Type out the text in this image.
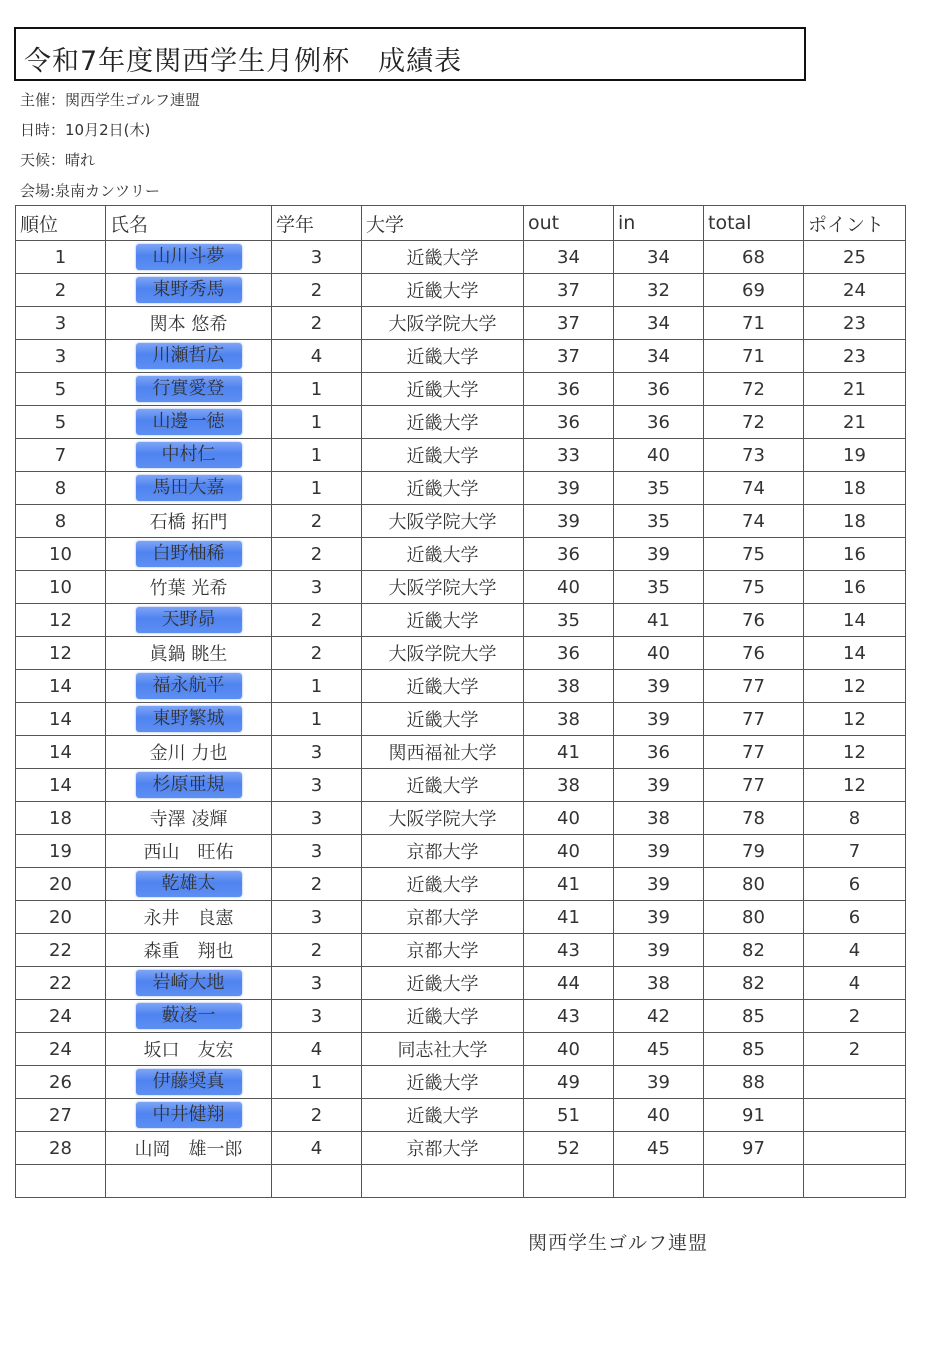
令和7年度関西学生月例杯　成績表
主催：関西学生ゴルフ連盟
日時：10月2日(木)
天候：晴れ
会場:泉南カンツリー
順位	氏名	学年	大学	out	in	total	ポイント
1	山川斗夢	3	近畿大学	34	34	68	25
2	東野秀馬	2	近畿大学	37	32	69	24
3	関本 悠希	2	大阪学院大学	37	34	71	23
3	川瀬哲広	4	近畿大学	37	34	71	23
5	行實愛登	1	近畿大学	36	36	72	21
5	山邊一徳	1	近畿大学	36	36	72	21
7	中村仁	1	近畿大学	33	40	73	19
8	馬田大嘉	1	近畿大学	39	35	74	18
8	石橋 拓門	2	大阪学院大学	39	35	74	18
10	白野柚稀	2	近畿大学	36	39	75	16
10	竹葉 光希	3	大阪学院大学	40	35	75	16
12	天野昴	2	近畿大学	35	41	76	14
12	眞鍋 眺生	2	大阪学院大学	36	40	76	14
14	福永航平	1	近畿大学	38	39	77	12
14	東野繁城	1	近畿大学	38	39	77	12
14	金川 力也	3	関西福祉大学	41	36	77	12
14	杉原亜規	3	近畿大学	38	39	77	12
18	寺澤 凌輝	3	大阪学院大学	40	38	78	8
19	西山　旺佑	3	京都大学	40	39	79	7
20	乾雄太	2	近畿大学	41	39	80	6
20	永井　良憲	3	京都大学	41	39	80	6
22	森重　翔也	2	京都大学	43	39	82	4
22	岩崎大地	3	近畿大学	44	38	82	4
24	藪凌一	3	近畿大学	43	42	85	2
24	坂口　友宏	4	同志社大学	40	45	85	2
26	伊藤奨真	1	近畿大学	49	39	88	
27	中井健翔	2	近畿大学	51	40	91	
28	山岡　雄一郎	4	京都大学	52	45	97	

関西学生ゴルフ連盟
